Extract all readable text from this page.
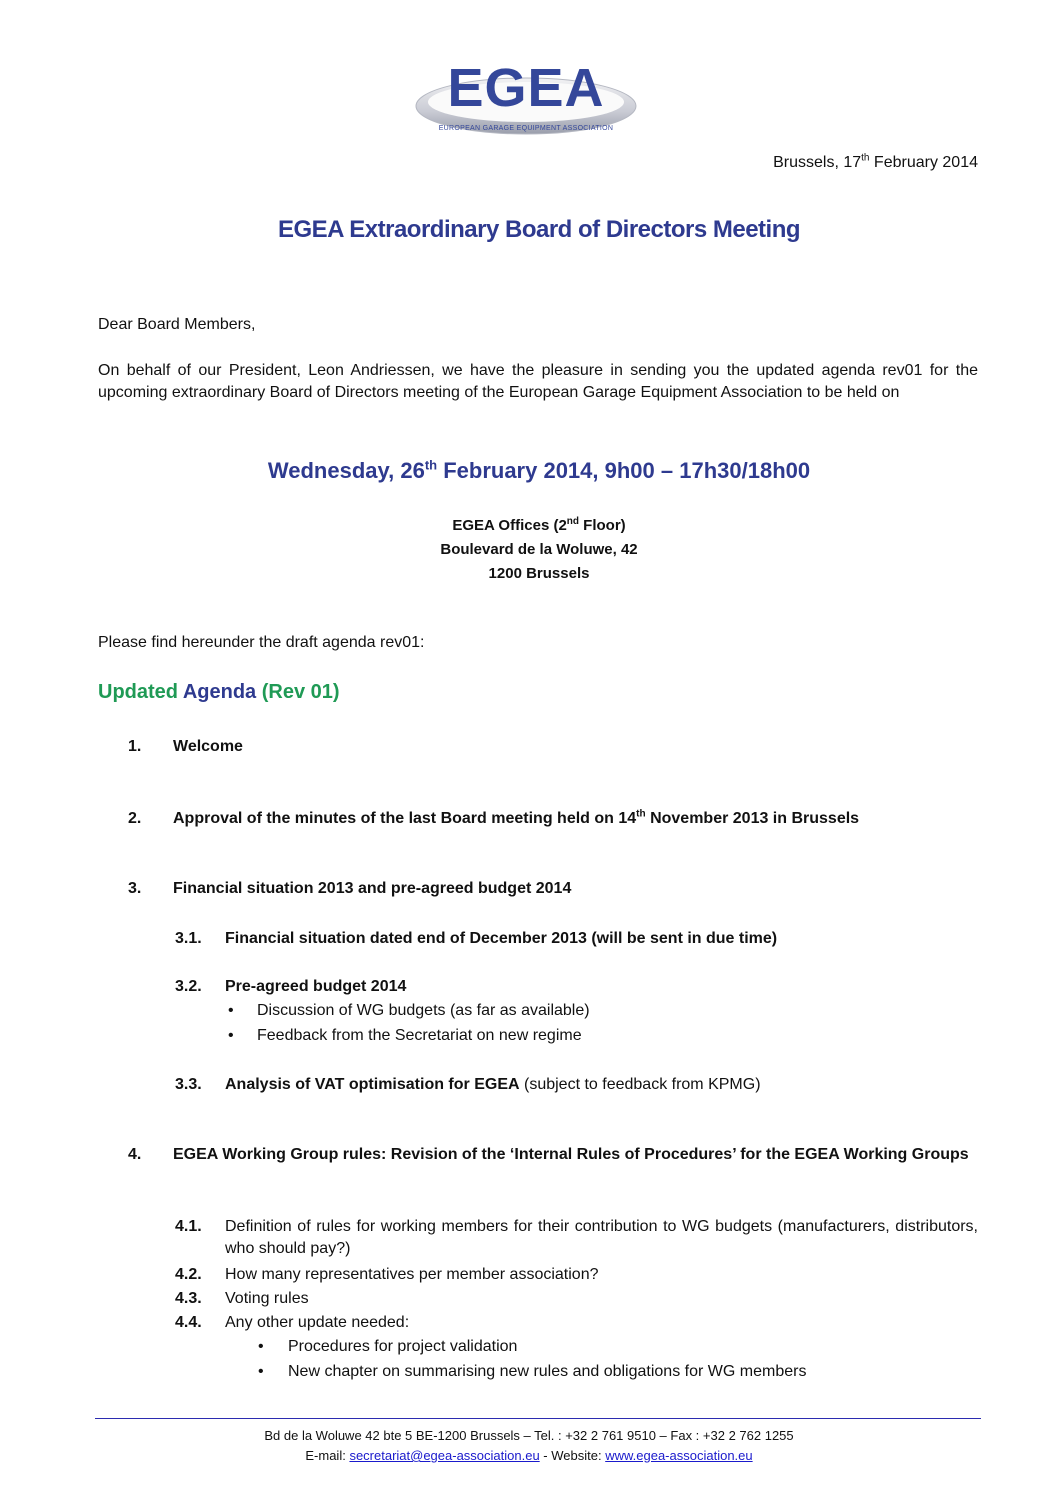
EGEA
EUROPEAN GARAGE EQUIPMENT ASSOCIATION
Brussels, 17th February 2014
EGEA Extraordinary Board of Directors Meeting
Dear Board Members,
On behalf of our President, Leon Andriessen, we have the pleasure in sending you the updated agenda rev01 for the upcoming extraordinary Board of Directors meeting of the European Garage Equipment Association to be held on
Wednesday, 26th February 2014, 9h00 – 17h30/18h00
EGEA Offices (2nd Floor)
Boulevard de la Woluwe, 42
1200 Brussels
Please find hereunder the draft agenda rev01:
Updated Agenda (Rev 01)
1. Welcome
2. Approval of the minutes of the last Board meeting held on 14th November 2013 in Brussels
3. Financial situation 2013 and pre-agreed budget 2014
3.1. Financial situation dated end of December 2013 (will be sent in due time)
3.2. Pre-agreed budget 2014
• Discussion of WG budgets (as far as available)
• Feedback from the Secretariat on new regime
3.3. Analysis of VAT optimisation for EGEA (subject to feedback from KPMG)
4. EGEA Working Group rules: Revision of the ‘Internal Rules of Procedures’ for the EGEA Working Groups
4.1. Definition of rules for working members for their contribution to WG budgets (manufacturers, distributors, who should pay?)
4.2. How many representatives per member association?
4.3. Voting rules
4.4. Any other update needed:
• Procedures for project validation
• New chapter on summarising new rules and obligations for WG members
Bd de la Woluwe 42 bte 5 BE-1200 Brussels – Tel. : +32 2 761 9510 – Fax : +32 2 762 1255
E-mail: secretariat@egea-association.eu - Website: www.egea-association.eu
